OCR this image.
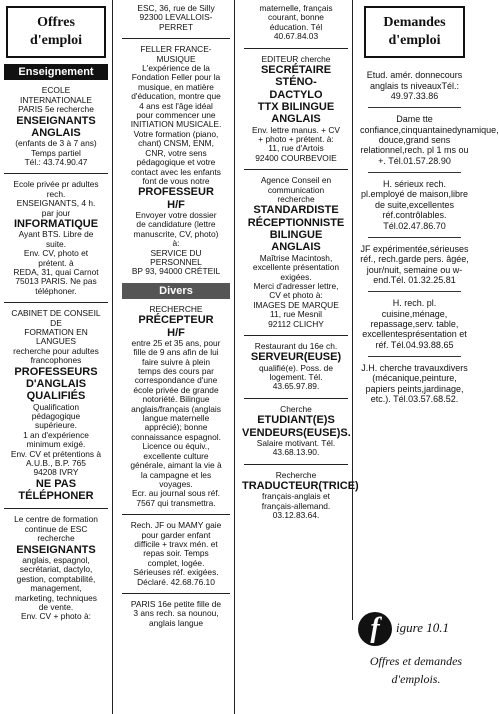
Offres d'emploi
Enseignement
ECOLE
INTERNATIONALE
PARIS 5e recherche
ENSEIGNANTS
ANGLAIS
(enfants de 3 à 7 ans)
Temps partiel
Tél.: 43.74.90.47
Ecole privée pr adultes
rech.
ENSEIGNANTS, 4 h.
par jour
INFORMATIQUE
Ayant BTS. Libre de
suite.
Env. CV, photo et
prétent. à
REDA, 31, quai Carnot
75013 PARIS. Ne pas
téléphoner.
CABINET DE CONSEIL
DE
FORMATION EN
LANGUES
recherche pour adultes
francophones
PROFESSEURS
D'ANGLAIS
QUALIFIÉS
Qualification
pédagogique
supérieure.
1 an d'expérience
minimum exigé.
Env. CV et prétentions à
A.U.B., B.P. 765
94208 IVRY
NE PAS
TÉLÉPHONER
Le centre de formation
continue de ESC
recherche
ENSEIGNANTS
anglais, espagnol,
secrétariat, dactylo,
gestion, comptabilité,
management,
marketing, techniques
de vente.
Env. CV + photo à:
ESC, 36, rue de Silly
92300 LEVALLOIS-
PERRET
FELLER FRANCE-
MUSIQUE
L'expérience de la
Fondation Feller pour la
musique, en matière
d'éducation, montre que
4 ans est l'âge idéal
pour commencer une
INITIATION MUSICALE.
Votre formation (piano,
chant) CNSM, ENM,
CNR, votre sens
pédagogique et votre
contact avec les enfants
font de vous notre
PROFESSEUR
H/F
Envoyer votre dossier
de candidature (lettre
manuscrite, CV, photo)
à:
SERVICE DU
PERSONNEL
BP 93, 94000 CRÉTEIL
Divers
RECHERCHE
PRÉCEPTEUR
H/F
entre 25 et 35 ans, pour
fille de 9 ans afin de lui
faire suivre à plein
temps des cours par
correspondance d'une
école privée de grande
notoriété. Bilingue
anglais/français (anglais
langue maternelle
apprécié); bonne
connaissance espagnol.
Licence ou équiv.,
excellente culture
générale, aimant la vie à
la campagne et les
voyages.
Ecr. au journal sous réf.
7567 qui transmettra.
Rech. JF ou MAMY gaie
pour garder enfant
difficile + travx mén. et
repas soir. Temps
complet, logée.
Sérieuses réf. exigées.
Déclaré. 42.68.76.10
PARIS 16e petite fille de
3 ans rech. sa nounou,
anglais langue
maternelle, français
courant, bonne
éducation. Tél
40.67.84.03
EDITEUR cherche
SECRÉTAIRE
STÉNO-
DACTYLO
TTX BILINGUE
ANGLAIS
Env. lettre manus. + CV
+ photo + prétent. à:
11, rue d'Artois
92400 COURBEVOIE
Agence Conseil en
communication
recherche
STANDARDISTE
RÉCEPTIONNISTE
BILINGUE
ANGLAIS
Maîtrise Macintosh,
excellente présentation
exigées.
Merci d'adresser lettre,
CV et photo à:
IMAGES DE MARQUE
11, rue Mesnil
92112 CLICHY
Restaurant du 16e ch.
SERVEUR(EUSE)
qualifié(e). Poss. de
logement. Tél.
43.65.97.89.
Cherche
ETUDIANT(E)S
VENDEURS(EUSE)S.
Salaire motivant. Tél.
43.68.13.90.
Recherche
TRADUCTEUR(TRICE)
français-anglais et
français-allemand.
03.12.83.64.
Demandes d'emploi
Etud. amér. donnecours anglais ts niveauxTél.: 49.97.33.86
Dame tte confiance,cinquantainedynamique, douce,grand sens relationnel,rech. pl 1 ms ou +. Tél.01.57.28.90
H. sérieux rech. pl.employé de maison,libre de suite,excellentes réf.contrôlables. Tél.02.47.86.70
JF expérimentée,sérieuses réf., rech.garde pers. âgée, jour/nuit, semaine ou w-end.Tél. 01.32.25.81
H. rech. pl. cuisine,ménage, repassage,serv. table, excellentesprésentation et réf. Tél.04.93.88.65
J.H. cherche travauxdivers (mécanique,peinture, papiers peints,jardinage, etc.). Tél.03.57.68.52.
f	igure 10.1
Offres et demandes d'emplois.
